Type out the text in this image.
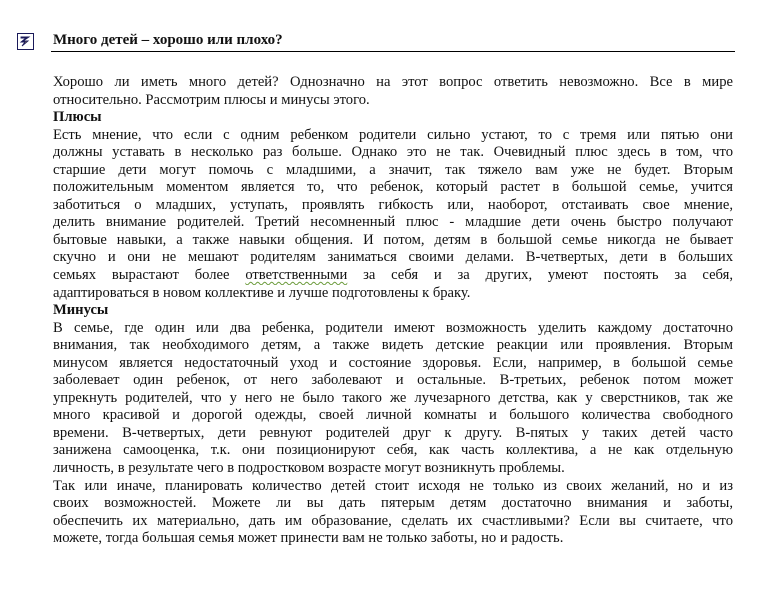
Много детей – хорошо или плохо?
Хорошо ли иметь много детей? Однозначно на этот вопрос ответить невозможно. Все в мире
относительно. Рассмотрим плюсы и минусы этого.
Плюсы
Есть мнение, что если с одним ребенком родители сильно устают, то с тремя или пятью они
должны уставать в несколько раз больше. Однако это не так. Очевидный плюс здесь в том, что
старшие дети могут помочь с младшими, а значит, так тяжело вам уже не будет. Вторым
положительным моментом является то, что ребенок, который растет в большой семье, учится
заботиться о младших, уступать, проявлять гибкость или, наоборот, отстаивать свое мнение,
делить внимание родителей. Третий несомненный плюс - младшие дети очень быстро получают
бытовые навыки, а также навыки общения. И потом, детям в большой семье никогда не бывает
скучно и они не мешают родителям заниматься своими делами. В-четвертых, дети в больших
семьях вырастают более ответственными за себя и за других, умеют постоять за себя,
адаптироваться в новом коллективе и лучше подготовлены к браку.
Минусы
В семье, где один или два ребенка, родители имеют возможность уделить каждому достаточно
внимания, так необходимого детям, а также видеть детские реакции или проявления. Вторым
минусом является недостаточный уход и состояние здоровья. Если, например, в большой семье
заболевает один ребенок, от него заболевают и остальные. В-третьих, ребенок потом может
упрекнуть родителей, что у него не было такого же лучезарного детства, как у сверстников, так же
много красивой и дорогой одежды, своей личной комнаты и большого количества свободного
времени. В-четвертых, дети ревнуют родителей друг к другу. В-пятых у таких детей часто
занижена самооценка, т.к. они позиционируют себя, как часть коллектива, а не как отдельную
личность, в результате чего в подростковом возрасте могут возникнуть проблемы.
Так или иначе, планировать количество детей стоит исходя не только из своих желаний, но и из
своих возможностей. Можете ли вы дать пятерым детям достаточно внимания и заботы,
обеспечить их материально, дать им образование, сделать их счастливыми? Если вы считаете, что
можете, тогда большая семья может принести вам не только заботы, но и радость.
